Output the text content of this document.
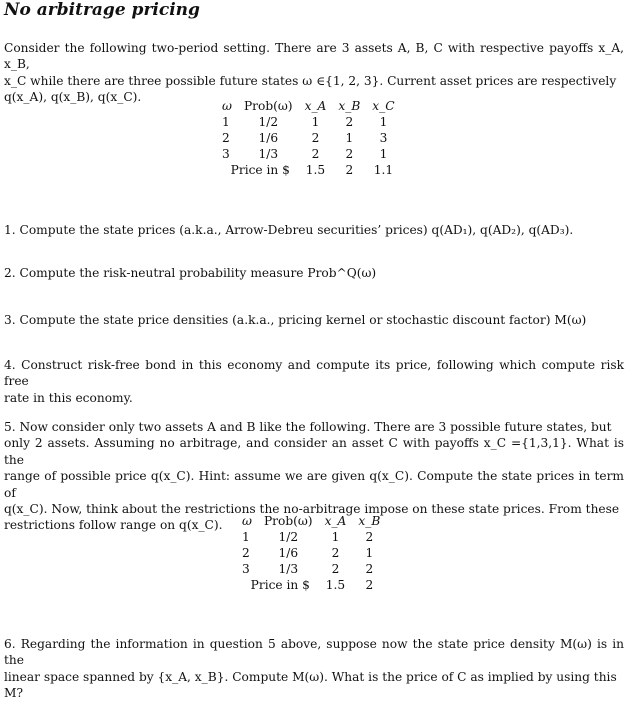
No arbitrage pricing
Consider the following two-period setting. There are 3 assets A, B, C with respective payoffs x_A, x_B,
x_C while there are three possible future states ω ∈{1, 2, 3}. Current asset prices are respectively
q(x_A), q(x_B), q(x_C).
ω	Prob(ω)	x_A	x_B	x_C
1	1/2	1	2	1
2	1/6	2	1	3
3	1/3	2	2	1
Price in $		1.5	2	1.1
1. Compute the state prices (a.k.a., Arrow-Debreu securities’ prices) q(AD₁), q(AD₂), q(AD₃).
2. Compute the risk-neutral probability measure Prob^Q(ω)
3. Compute the state price densities (a.k.a., pricing kernel or stochastic discount factor) M(ω)
4. Construct risk-free bond in this economy and compute its price, following which compute risk free
rate in this economy.
5. Now consider only two assets A and B like the following. There are 3 possible future states, but
only 2 assets. Assuming no arbitrage, and consider an asset C with payoffs x_C ={1,3,1}. What is the
range of possible price q(x_C). Hint: assume we are given q(x_C). Compute the state prices in term of
q(x_C). Now, think about the restrictions the no-arbitrage impose on these state prices. From these
restrictions follow range on q(x_C).	ω	Prob(ω)	x_A	x_B
1	1/2	1	2
2	1/6	2	1
3	1/3	2	2
Price in $		1.5	2
6. Regarding the information in question 5 above, suppose now the state price density M(ω) is in the
linear space spanned by {x_A, x_B}. Compute M(ω). What is the price of C as implied by using this
M?
